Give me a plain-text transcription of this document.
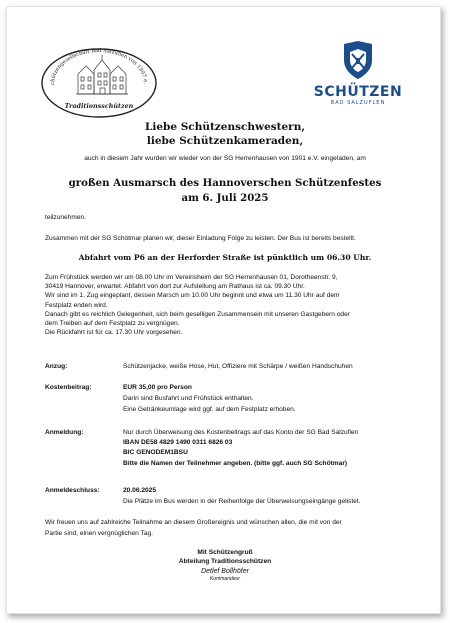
chützengesellschaft Bad Salzuflen von 1907 e.
Traditionsschützen
SCHÜTZEN
BAD SALZUFLEN
Liebe Schützenschwestern,
liebe Schützenkameraden,
auch in diesem Jahr wurden wir wieder von der SG Herrenhausen von 1901 e.V. eingeladen, am
großen Ausmarsch des Hannoverschen Schützenfestes
am 6. Juli 2025
teilzunehmen.
Zusammen mit der SG Schötmar planen wir, dieser Einladung Folge zu leisten. Der Bus ist bereits bestellt.
Abfahrt vom P6 an der Herforder Straße ist pünktlich um 06.30 Uhr.
Zum Frühstück werden wir um 08.00 Uhr im Vereinsheim der SG Herrenhausen 01, Dorotheenstr. 9,
30419 Hannover, erwartet. Abfahrt von dort zur Aufstellung am Rathaus ist ca. 09.30 Uhr.
Wir sind im 1. Zug eingeplant, dessen Marsch um 10.00 Uhr beginnt und etwa um 11.30 Uhr auf dem
Festplatz enden wird.
Danach gibt es reichlich Gelegenheit, sich beim geselligen Zusammensein mit unseren Gastgebern oder
dem Treiben auf dem Festplatz zu vergnügen.
Die Rückfahrt ist für ca. 17.30 Uhr vorgesehen.
Anzug:	Schützenjacke, weiße Hose, Hut, Offiziere mit Schärpe / weißen Handschuhen
Kostenbeitrag:	EUR 35,00 pro Person
Darin sind Busfahrt und Frühstück enthalten.
Eine Getränkeumlage wird ggf. auf dem Festplatz erhoben.
Anmeldung:	Nur durch Überweisung des Kostenbeitrags auf das Konto der SG Bad Salzuflen
IBAN DE58 4829 1490 0311 6826 03
BIC GENODEM1BSU
Bitte die Namen der Teilnehmer angeben. (bitte ggf. auch SG Schötmar)
Anmeldeschluss:	20.06.2025
Die Plätze im Bus werden in der Reihenfolge der Überweisungseingänge gelistet.
Wir freuen uns auf zahlreiche Teilnahme an diesem Großereignis und wünschen allen, die mit von der
Partie sind, einen vergnüglichen Tag.
Mit Schützengruß
Abteilung Traditionsschützen
Detlef Bollhöfer
Kommandeur
